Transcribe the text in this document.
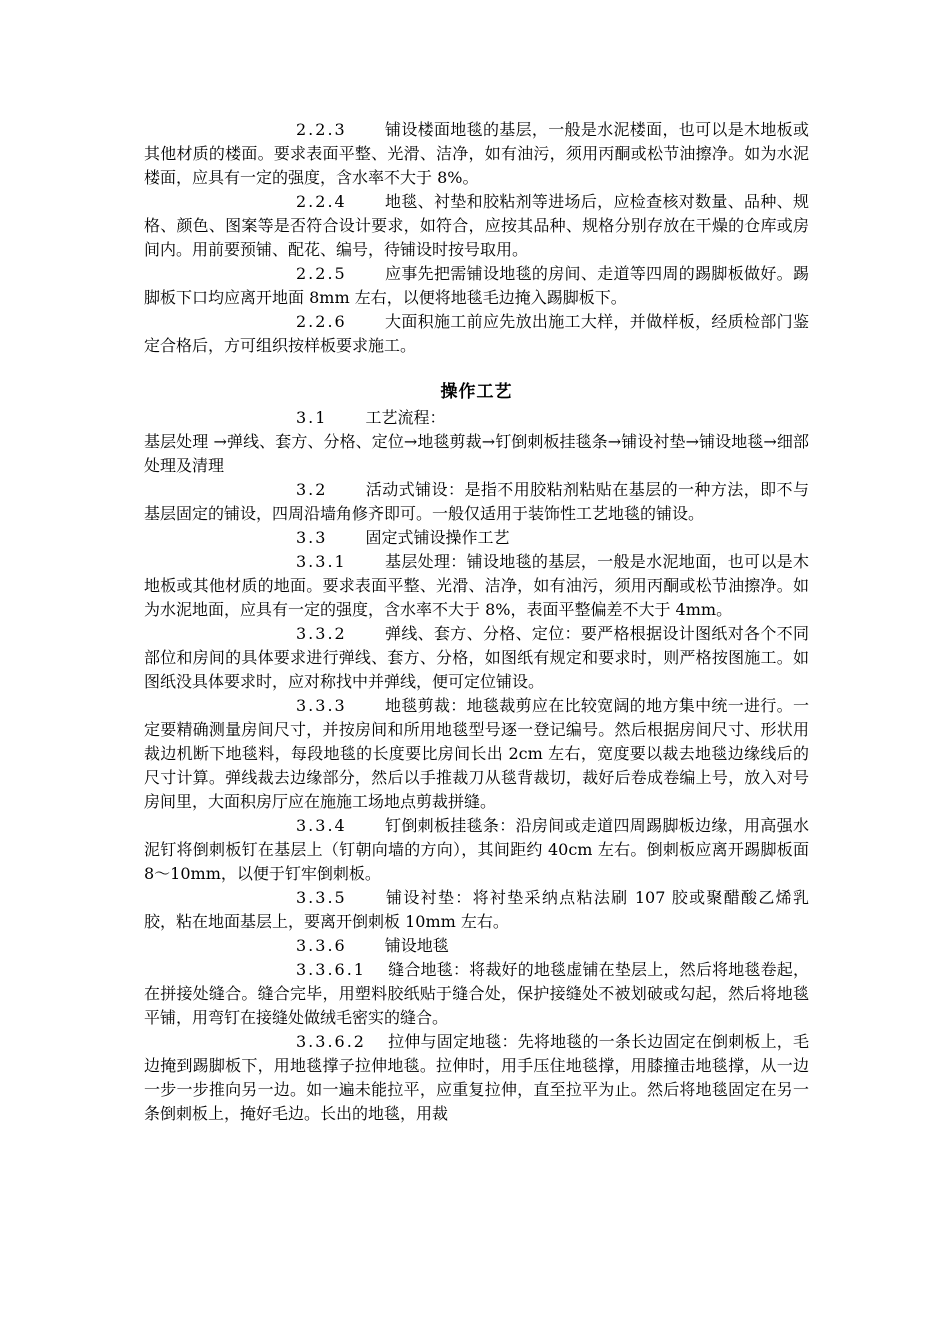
2.2.3 铺设楼面地毯的基层，一般是水泥楼面，也可以是木地板或其他材质的楼面。要求表面平整、光滑、洁净，如有油污，须用丙酮或松节油擦净。如为水泥楼面，应具有一定的强度，含水率不大于 8%。

2.2.4 地毯、衬垫和胶粘剂等进场后，应检查核对数量、品种、规格、颜色、图案等是否符合设计要求，如符合，应按其品种、规格分别存放在干燥的仓库或房间内。用前要预铺、配花、编号，待铺设时按号取用。

2.2.5 应事先把需铺设地毯的房间、走道等四周的踢脚板做好。踢脚板下口均应离开地面 8mm 左右，以便将地毯毛边掩入踢脚板下。

2.2.6 大面积施工前应先放出施工大样，并做样板，经质检部门鉴定合格后，方可组织按样板要求施工。

操作工艺

3.1 工艺流程：

基层处理 →弹线、套方、分格、定位→地毯剪裁→钉倒刺板挂毯条→铺设衬垫→铺设地毯→细部处理及清理

3.2 活动式铺设：是指不用胶粘剂粘贴在基层的一种方法，即不与基层固定的铺设，四周沿墙角修齐即可。一般仅适用于装饰性工艺地毯的铺设。

3.3 固定式铺设操作工艺

3.3.1 基层处理：铺设地毯的基层，一般是水泥地面，也可以是木地板或其他材质的地面。要求表面平整、光滑、洁净，如有油污，须用丙酮或松节油擦净。如为水泥地面，应具有一定的强度，含水率不大于 8%，表面平整偏差不大于 4mm。

3.3.2 弹线、套方、分格、定位：要严格根据设计图纸对各个不同部位和房间的具体要求进行弹线、套方、分格，如图纸有规定和要求时，则严格按图施工。如图纸没具体要求时，应对称找中并弹线，便可定位铺设。

3.3.3 地毯剪裁：地毯裁剪应在比较宽阔的地方集中统一进行。一定要精确测量房间尺寸，并按房间和所用地毯型号逐一登记编号。然后根据房间尺寸、形状用裁边机断下地毯料，每段地毯的长度要比房间长出 2cm 左右，宽度要以裁去地毯边缘线后的尺寸计算。弹线裁去边缘部分，然后以手推裁刀从毯背裁切，裁好后卷成卷编上号，放入对号房间里，大面积房厅应在施施工场地点剪裁拼缝。

3.3.4 钉倒刺板挂毯条：沿房间或走道四周踢脚板边缘，用高强水泥钉将倒刺板钉在基层上（钉朝向墙的方向），其间距约 40cm 左右。倒刺板应离开踢脚板面 8～10mm，以便于钉牢倒刺板。

3.3.5 铺设衬垫：将衬垫采纳点粘法刷 107 胶或聚醋酸乙烯乳胶，粘在地面基层上，要离开倒刺板 10mm 左右。

3.3.6 铺设地毯

3.3.6.1 缝合地毯：将裁好的地毯虚铺在垫层上，然后将地毯卷起，在拼接处缝合。缝合完毕，用塑料胶纸贴于缝合处，保护接缝处不被划破或勾起，然后将地毯平铺，用弯钉在接缝处做绒毛密实的缝合。

3.3.6.2 拉伸与固定地毯：先将地毯的一条长边固定在倒刺板上，毛边掩到踢脚板下，用地毯撑子拉伸地毯。拉伸时，用手压住地毯撑，用膝撞击地毯撑，从一边一步一步推向另一边。如一遍未能拉平，应重复拉伸，直至拉平为止。然后将地毯固定在另一条倒刺板上，掩好毛边。长出的地毯，用裁
